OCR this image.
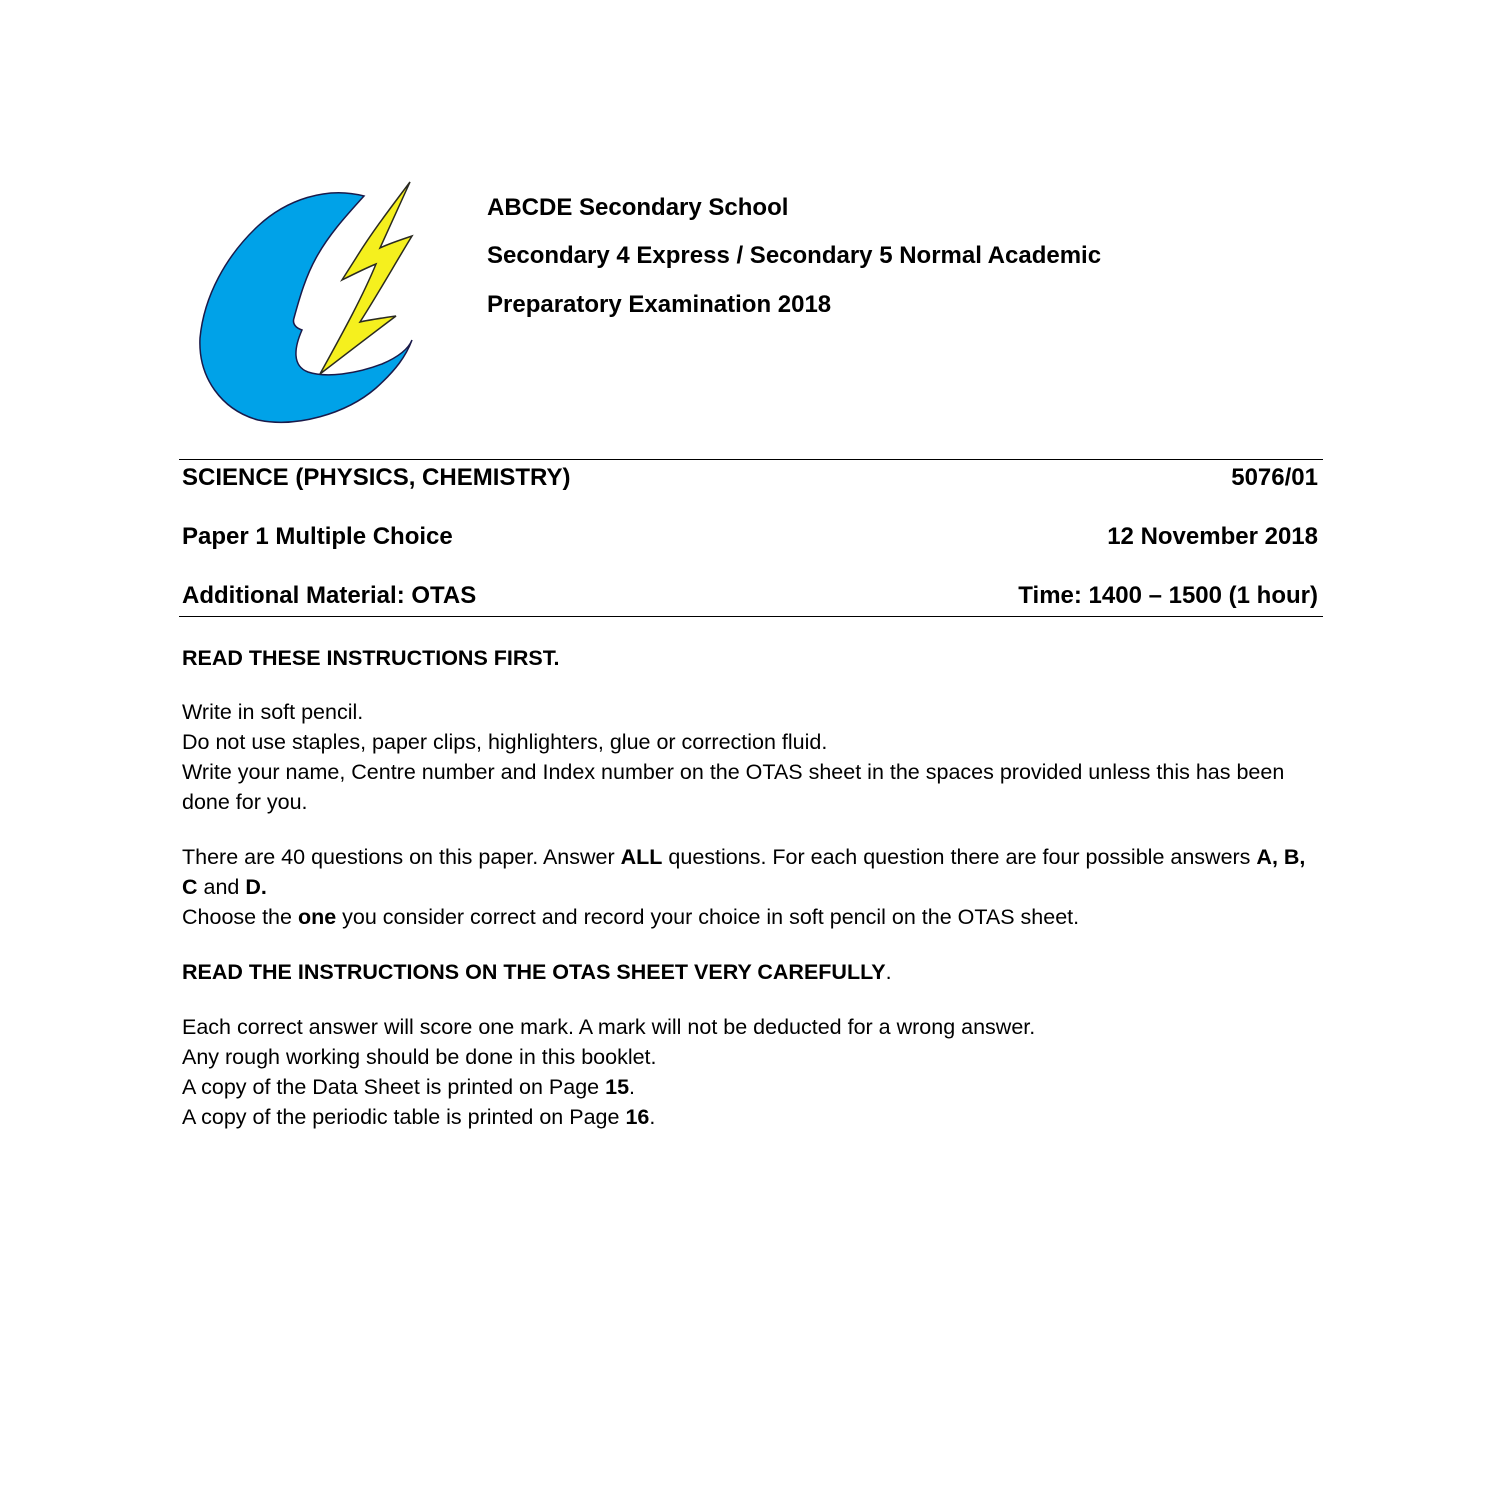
ABCDE Secondary School
Secondary 4 Express / Secondary 5 Normal Academic
Preparatory Examination 2018
SCIENCE (PHYSICS, CHEMISTRY)	5076/01
Paper 1 Multiple Choice	12 November 2018
Additional Material: OTAS	Time: 1400 – 1500 (1 hour)

READ THESE INSTRUCTIONS FIRST.

Write in soft pencil.

Do not use staples, paper clips, highlighters, glue or correction fluid.

Write your name, Centre number and Index number on the OTAS sheet in the spaces provided unless this has been done for you.

There are 40 questions on this paper. Answer ALL questions. For each question there are four possible answers A, B, C and D.

Choose the one you consider correct and record your choice in soft pencil on the OTAS sheet.

READ THE INSTRUCTIONS ON THE OTAS SHEET VERY CAREFULLY.

Each correct answer will score one mark. A mark will not be deducted for a wrong answer.

Any rough working should be done in this booklet.

A copy of the Data Sheet is printed on Page 15.

A copy of the periodic table is printed on Page 16.
